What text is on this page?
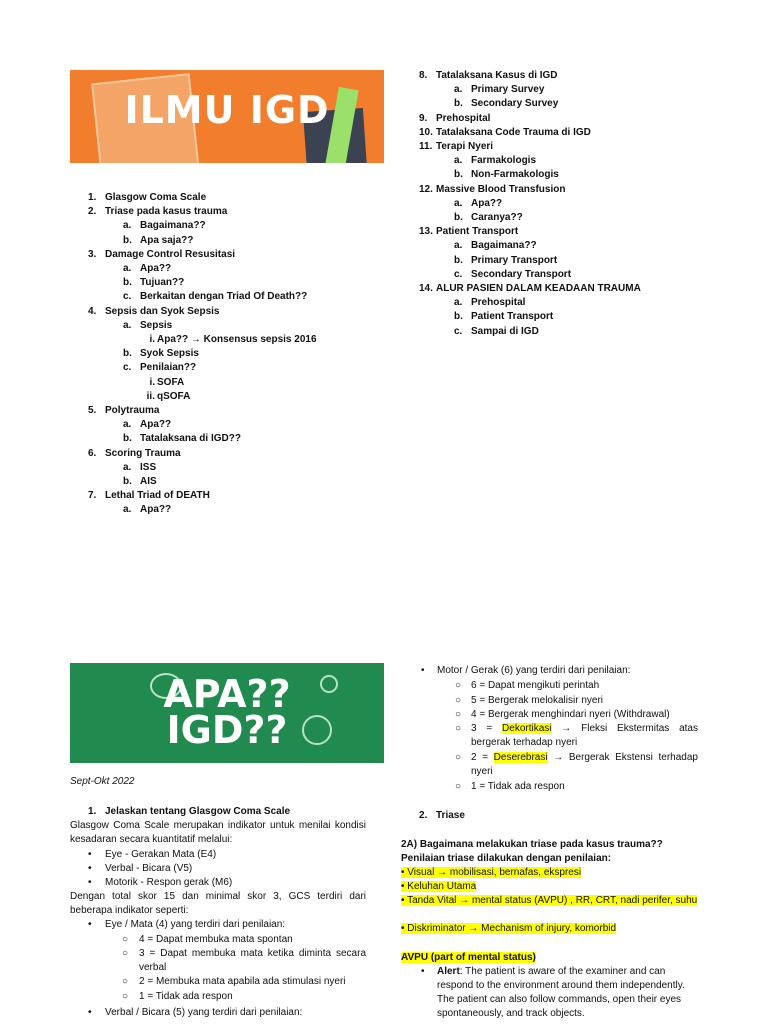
ILMU IGD
1. Glasgow Coma Scale
2. Triase pada kasus trauma
a. Bagaimana??
b. Apa saja??
3. Damage Control Resusitasi
a. Apa??
b. Tujuan??
c. Berkaitan dengan Triad Of Death??
4. Sepsis dan Syok Sepsis
a. Sepsis
i. Apa?? → Konsensus sepsis 2016
b. Syok Sepsis
c. Penilaian??
i. SOFA
ii. qSOFA
5. Polytrauma
a. Apa??
b. Tatalaksana di IGD??
6. Scoring Trauma
a. ISS
b. AIS
7. Lethal Triad of DEATH
a. Apa??
8. Tatalaksana Kasus di IGD
a. Primary Survey
b. Secondary Survey
9. Prehospital
10. Tatalaksana Code Trauma di IGD
11. Terapi Nyeri
a. Farmakologis
b. Non-Farmakologis
12. Massive Blood Transfusion
a. Apa??
b. Caranya??
13. Patient Transport
a. Bagaimana??
b. Primary Transport
c. Secondary Transport
14. ALUR PASIEN DALAM KEADAAN TRAUMA
a. Prehospital
b. Patient Transport
c. Sampai di IGD
APA??
IGD??
Sept-Okt 2022
1. Jelaskan tentang Glasgow Coma Scale
Glasgow Coma Scale merupakan indikator untuk menilai kondisi kesadaran secara kuantitatif melalui:
• Eye - Gerakan Mata (E4)
• Verbal - Bicara (V5)
• Motorik - Respon gerak (M6)
Dengan total skor 15 dan minimal skor 3, GCS terdiri dari beberapa indikator seperti:
• Eye / Mata (4) yang terdiri dari penilaian:
○ 4 = Dapat membuka mata spontan
○ 3 = Dapat membuka mata ketika diminta secara verbal
○ 2 = Membuka mata apabila ada stimulasi nyeri
○ 1 = Tidak ada respon
• Verbal / Bicara (5) yang terdiri dari penilaian:
• Motor / Gerak (6) yang terdiri dari penilaian:
○ 6 = Dapat mengikuti perintah
○ 5 = Bergerak melokalisir nyeri
○ 4 = Bergerak menghindari nyeri (Withdrawal)
○ 3 = Dekortikasi → Fleksi Ekstermitas atas bergerak terhadap nyeri
○ 2 = Deserebrasi → Bergerak Ekstensi terhadap nyeri
○ 1 = Tidak ada respon
2. Triase
2A) Bagaimana melakukan triase pada kasus trauma??
Penilaian triase dilakukan dengan penilaian:
• Visual → mobilisasi, bernafas, ekspresi
• Keluhan Utama
• Tanda Vital → mental status (AVPU) , RR, CRT, nadi perifer, suhu
• Diskriminator → Mechanism of injury, komorbid
AVPU (part of mental status)
• Alert: The patient is aware of the examiner and can respond to the environment around them independently. The patient can also follow commands, open their eyes spontaneously, and track objects.
